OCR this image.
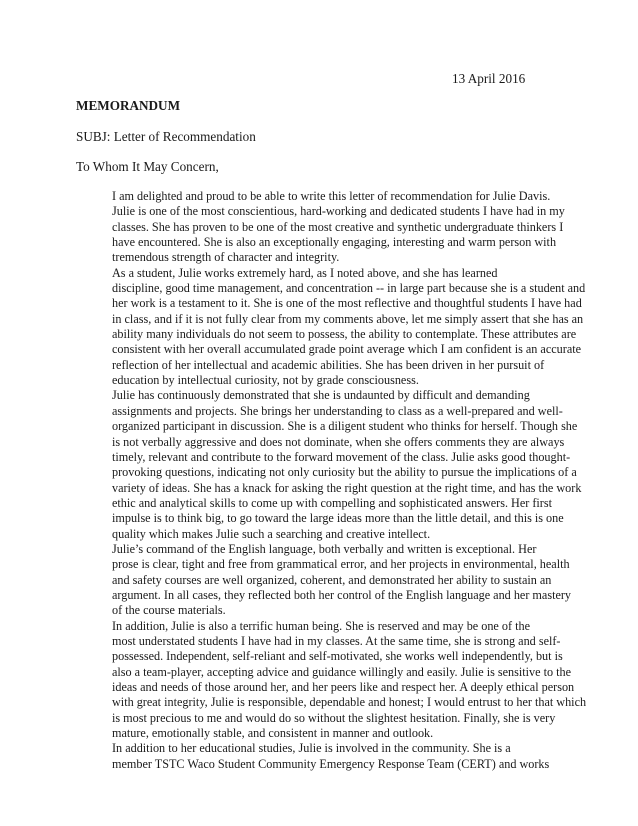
13 April 2016
MEMORANDUM
SUBJ: Letter of Recommendation
To Whom It May Concern,

I am delighted and proud to be able to write this letter of recommendation for Julie Davis.
Julie is one of the most conscientious, hard-working and dedicated students I have had in my
classes. She has proven to be one of the most creative and synthetic undergraduate thinkers I
have encountered. She is also an exceptionally engaging, interesting and warm person with
tremendous strength of character and integrity.

As a student, Julie works extremely hard, as I noted above, and she has learned
discipline, good time management, and concentration -- in large part because she is a student and
her work is a testament to it. She is one of the most reflective and thoughtful students I have had
in class, and if it is not fully clear from my comments above, let me simply assert that she has an
ability many individuals do not seem to possess, the ability to contemplate. These attributes are
consistent with her overall accumulated grade point average which I am confident is an accurate
reflection of her intellectual and academic abilities. She has been driven in her pursuit of
education by intellectual curiosity, not by grade consciousness.

Julie has continuously demonstrated that she is undaunted by difficult and demanding
assignments and projects. She brings her understanding to class as a well-prepared and well-
organized participant in discussion. She is a diligent student who thinks for herself. Though she
is not verbally aggressive and does not dominate, when she offers comments they are always
timely, relevant and contribute to the forward movement of the class. Julie asks good thought-
provoking questions, indicating not only curiosity but the ability to pursue the implications of a
variety of ideas. She has a knack for asking the right question at the right time, and has the work
ethic and analytical skills to come up with compelling and sophisticated answers. Her first
impulse is to think big, to go toward the large ideas more than the little detail, and this is one
quality which makes Julie such a searching and creative intellect.

Julie’s command of the English language, both verbally and written is exceptional. Her
prose is clear, tight and free from grammatical error, and her projects in environmental, health
and safety courses are well organized, coherent, and demonstrated her ability to sustain an
argument. In all cases, they reflected both her control of the English language and her mastery
of the course materials.

In addition, Julie is also a terrific human being. She is reserved and may be one of the
most understated students I have had in my classes. At the same time, she is strong and self-
possessed. Independent, self-reliant and self-motivated, she works well independently, but is
also a team-player, accepting advice and guidance willingly and easily. Julie is sensitive to the
ideas and needs of those around her, and her peers like and respect her. A deeply ethical person
with great integrity, Julie is responsible, dependable and honest; I would entrust to her that which
is most precious to me and would do so without the slightest hesitation. Finally, she is very
mature, emotionally stable, and consistent in manner and outlook.

In addition to her educational studies, Julie is involved in the community. She is a
member TSTC Waco Student Community Emergency Response Team (CERT) and works
